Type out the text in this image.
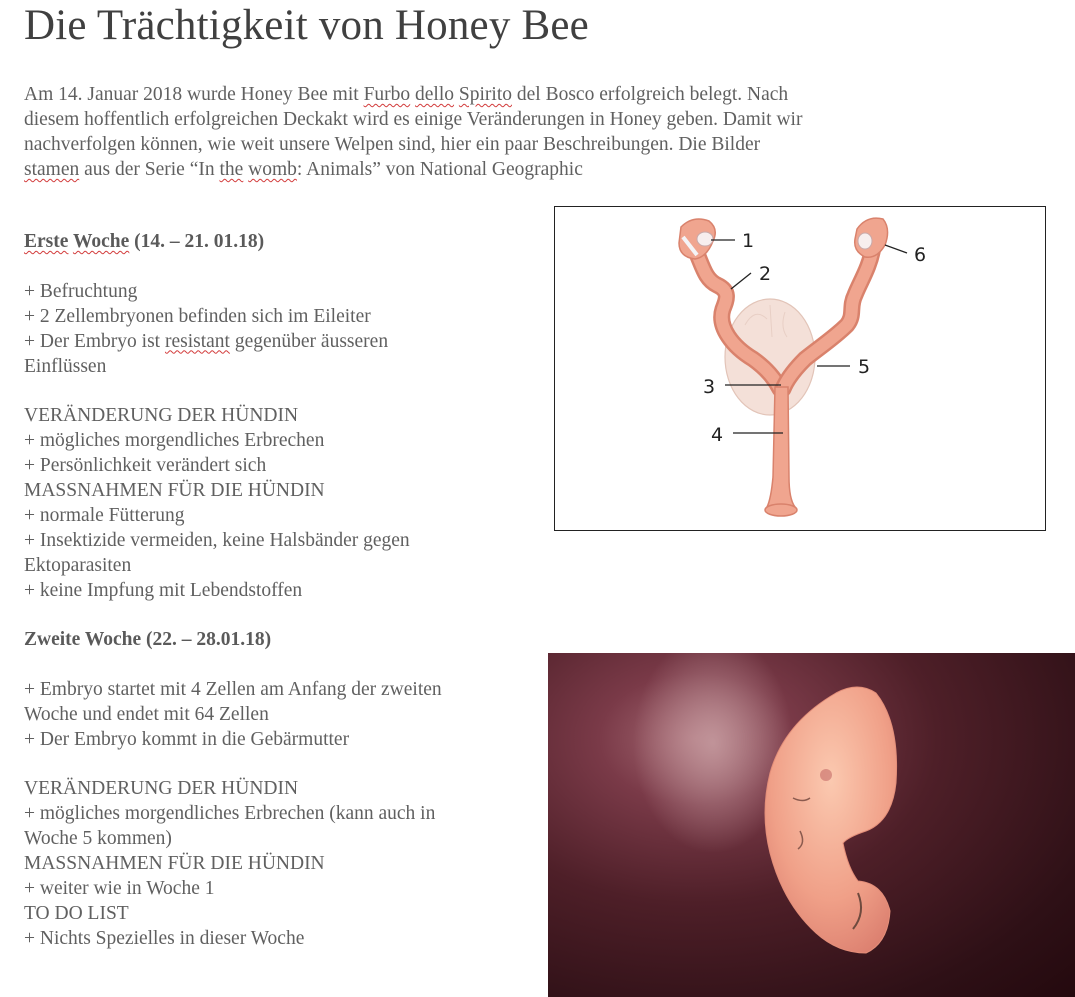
Die Trächtigkeit von Honey Bee
Am 14. Januar 2018 wurde Honey Bee mit Furbo dello Spirito del Bosco erfolgreich belegt. Nach
diesem hoffentlich erfolgreichen Deckakt wird es einige Veränderungen in Honey geben. Damit wir
nachverfolgen können, wie weit unsere Welpen sind, hier ein paar Beschreibungen. Die Bilder
stamen aus der Serie “In the womb: Animals” von National Geographic
Erste Woche (14. – 21. 01.18)
+ Befruchtung
+ 2 Zellembryonen befinden sich im Eileiter
+ Der Embryo ist resistant gegenüber äusseren
Einflüssen
VERÄNDERUNG DER HÜNDIN
+ mögliches morgendliches Erbrechen
+ Persönlichkeit verändert sich
MASSNAHMEN FÜR DIE HÜNDIN
+ normale Fütterung
+ Insektizide vermeiden, keine Halsbänder gegen
Ektoparasiten
+ keine Impfung mit Lebendstoffen
Zweite Woche (22. – 28.01.18)
+ Embryo startet mit 4 Zellen am Anfang der zweiten
Woche und endet mit 64 Zellen
+ Der Embryo kommt in die Gebärmutter
VERÄNDERUNG DER HÜNDIN
+ mögliches morgendliches Erbrechen (kann auch in
Woche 5 kommen)
MASSNAHMEN FÜR DIE HÜNDIN
+ weiter wie in Woche 1
TO DO LIST
+ Nichts Spezielles in dieser Woche
1
2
3
4
5
6
